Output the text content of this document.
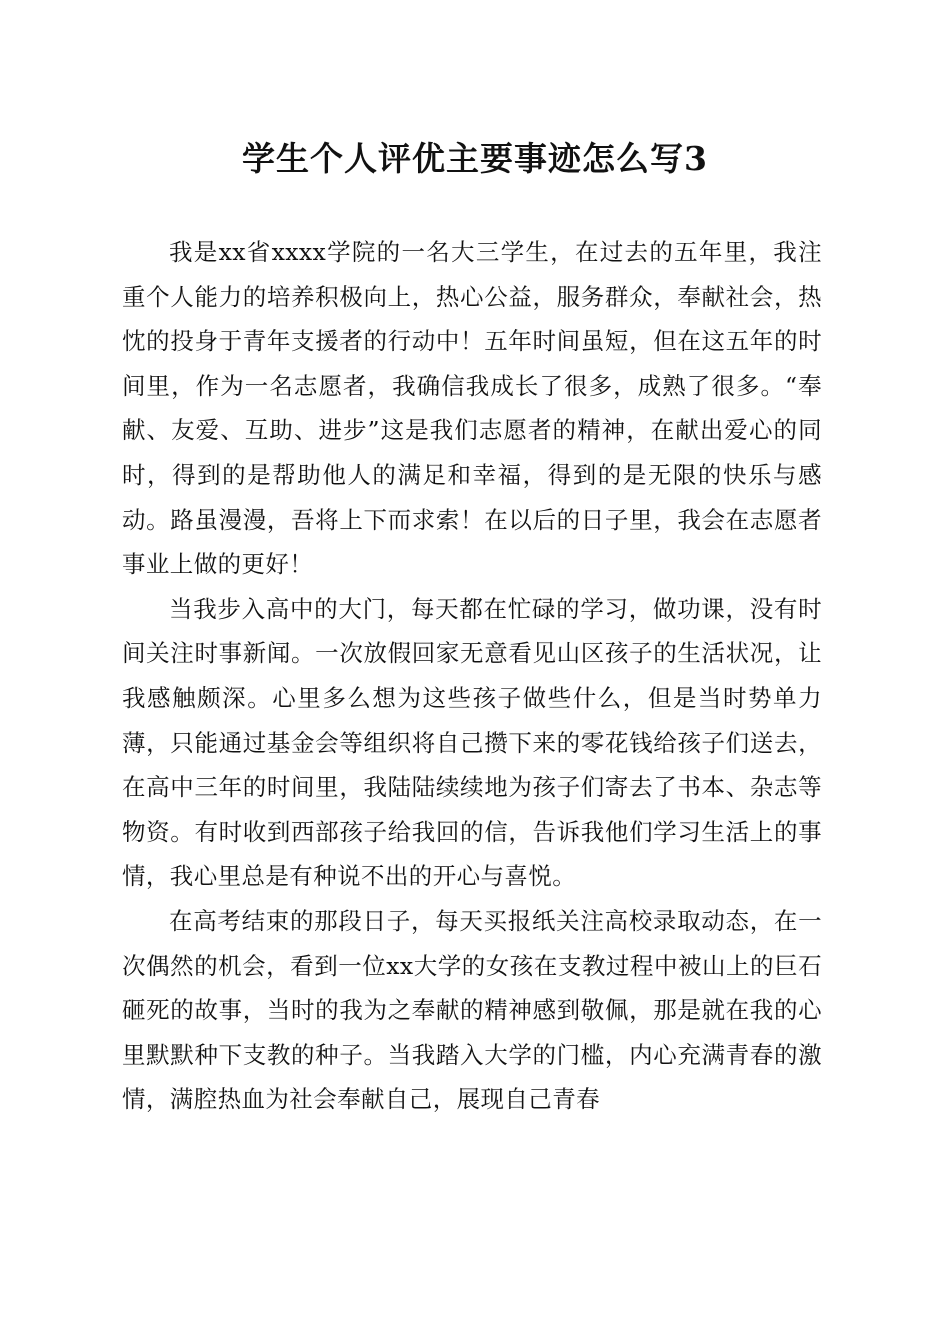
学生个人评优主要事迹怎么写3

我是xx省xxxx学院的一名大三学生，在过去的五年里，我注重个人能力的培养积极向上，热心公益，服务群众，奉献社会，热忱的投身于青年支援者的行动中！五年时间虽短，但在这五年的时间里，作为一名志愿者，我确信我成长了很多，成熟了很多。“奉献、友爱、互助、进步”这是我们志愿者的精神，在献出爱心的同时，得到的是帮助他人的满足和幸福，得到的是无限的快乐与感动。路虽漫漫，吾将上下而求索！在以后的日子里，我会在志愿者事业上做的更好！

当我步入高中的大门，每天都在忙碌的学习，做功课，没有时间关注时事新闻。一次放假回家无意看见山区孩子的生活状况，让我感触颇深。心里多么想为这些孩子做些什么，但是当时势单力薄，只能通过基金会等组织将自己攒下来的零花钱给孩子们送去，在高中三年的时间里，我陆陆续续地为孩子们寄去了书本、杂志等物资。有时收到西部孩子给我回的信，告诉我他们学习生活上的事情，我心里总是有种说不出的开心与喜悦。

在高考结束的那段日子，每天买报纸关注高校录取动态，在一次偶然的机会，看到一位xx大学的女孩在支教过程中被山上的巨石砸死的故事，当时的我为之奉献的精神感到敬佩，那是就在我的心里默默种下支教的种子。当我踏入大学的门槛，内心充满青春的激情，满腔热血为社会奉献自己，展现自己青春
